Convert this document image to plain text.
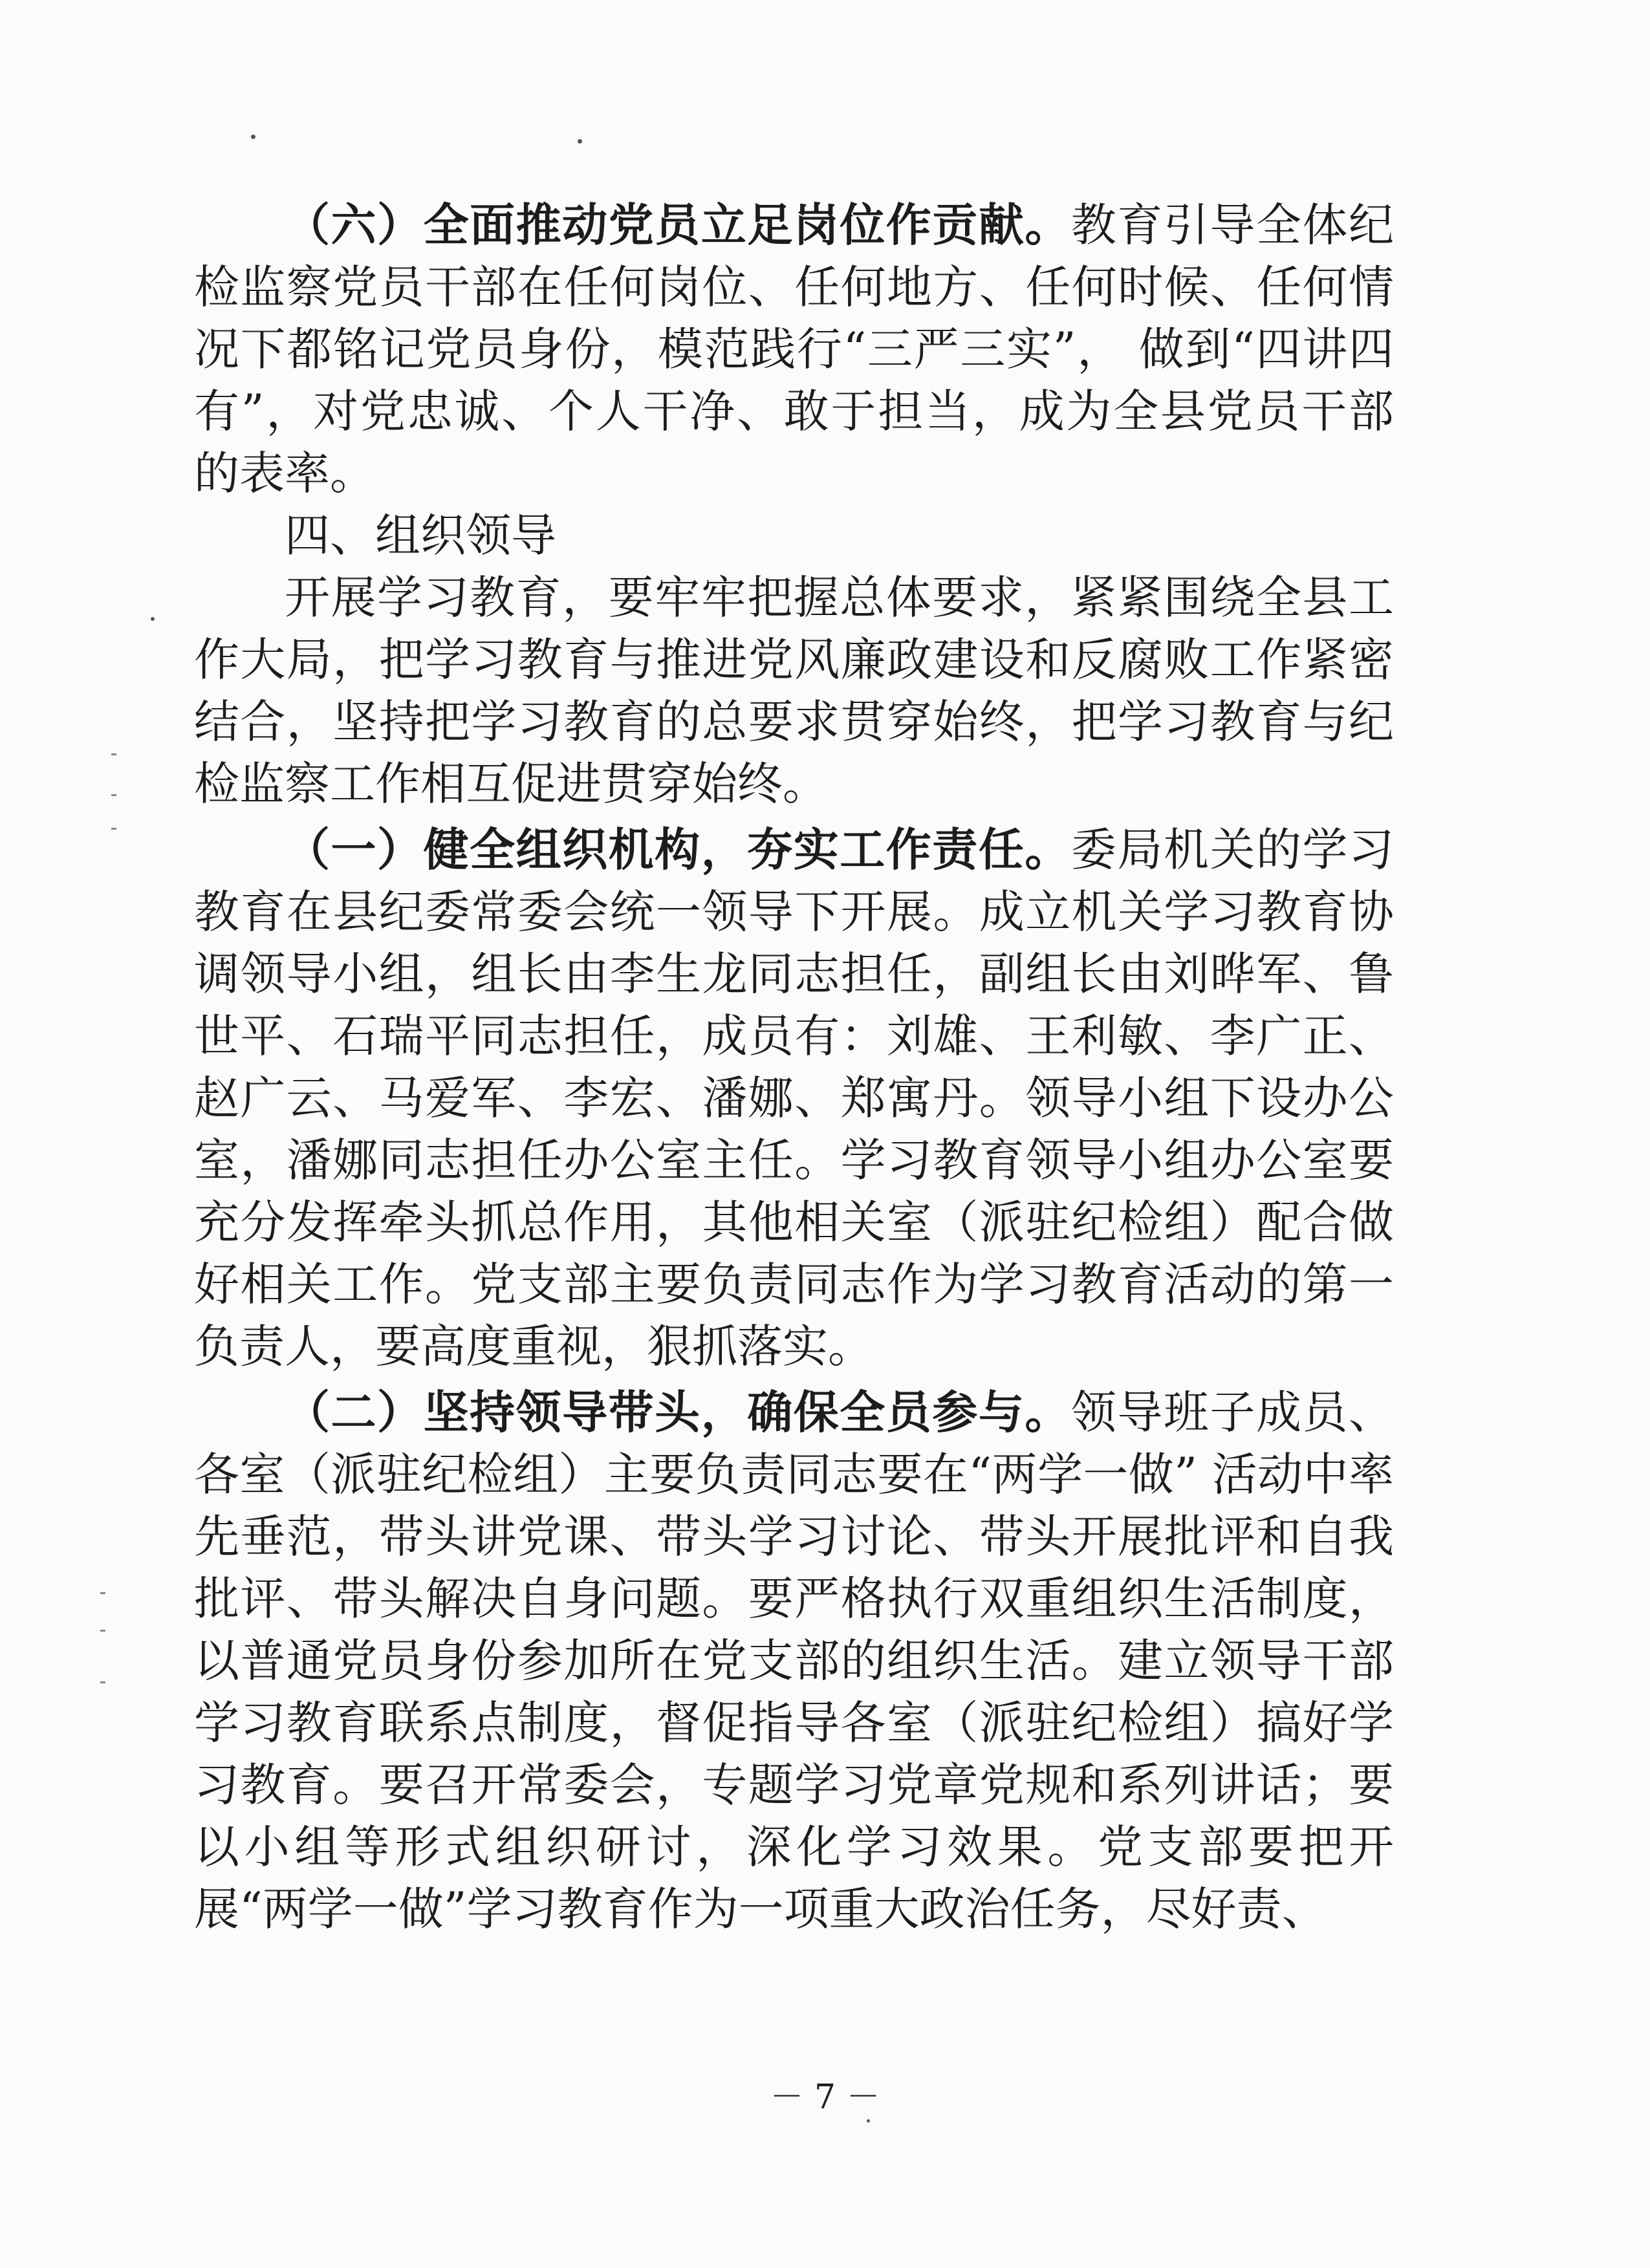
（六）全面推动党员立足岗位作贡献。教育引导全体纪检监察党员干部在任何岗位、任何地方、任何时候、任何情况下都铭记党员身份，模范践行“三严三实”， 做到“四讲四有”，对党忠诚、个人干净、敢于担当，成为全县党员干部的表率。

四、组织领导

开展学习教育，要牢牢把握总体要求，紧紧围绕全县工作大局，把学习教育与推进党风廉政建设和反腐败工作紧密结合，坚持把学习教育的总要求贯穿始终，把学习教育与纪检监察工作相互促进贯穿始终。

（一）健全组织机构，夯实工作责任。委局机关的学习教育在县纪委常委会统一领导下开展。成立机关学习教育协调领导小组，组长由李生龙同志担任，副组长由刘晔军、鲁世平、石瑞平同志担任，成员有：刘雄、王利敏、李广正、赵广云、马爱军、李宏、潘娜、郑寓丹。领导小组下设办公室，潘娜同志担任办公室主任。学习教育领导小组办公室要充分发挥牵头抓总作用，其他相关室（派驻纪检组）配合做好相关工作。党支部主要负责同志作为学习教育活动的第一负责人，要高度重视，狠抓落实。

（二）坚持领导带头，确保全员参与。领导班子成员、各室（派驻纪检组）主要负责同志要在“两学一做” 活动中率先垂范，带头讲党课、带头学习讨论、带头开展批评和自我批评、带头解决自身问题。要严格执行双重组织生活制度，以普通党员身份参加所在党支部的组织生活。建立领导干部学习教育联系点制度，督促指导各室（派驻纪检组）搞好学习教育。要召开常委会，专题学习党章党规和系列讲话；要以小组等形式组织研讨，深化学习效果。党支部要把开展“两学一做”学习教育作为一项重大政治任务，尽好责、

－ 7 －
